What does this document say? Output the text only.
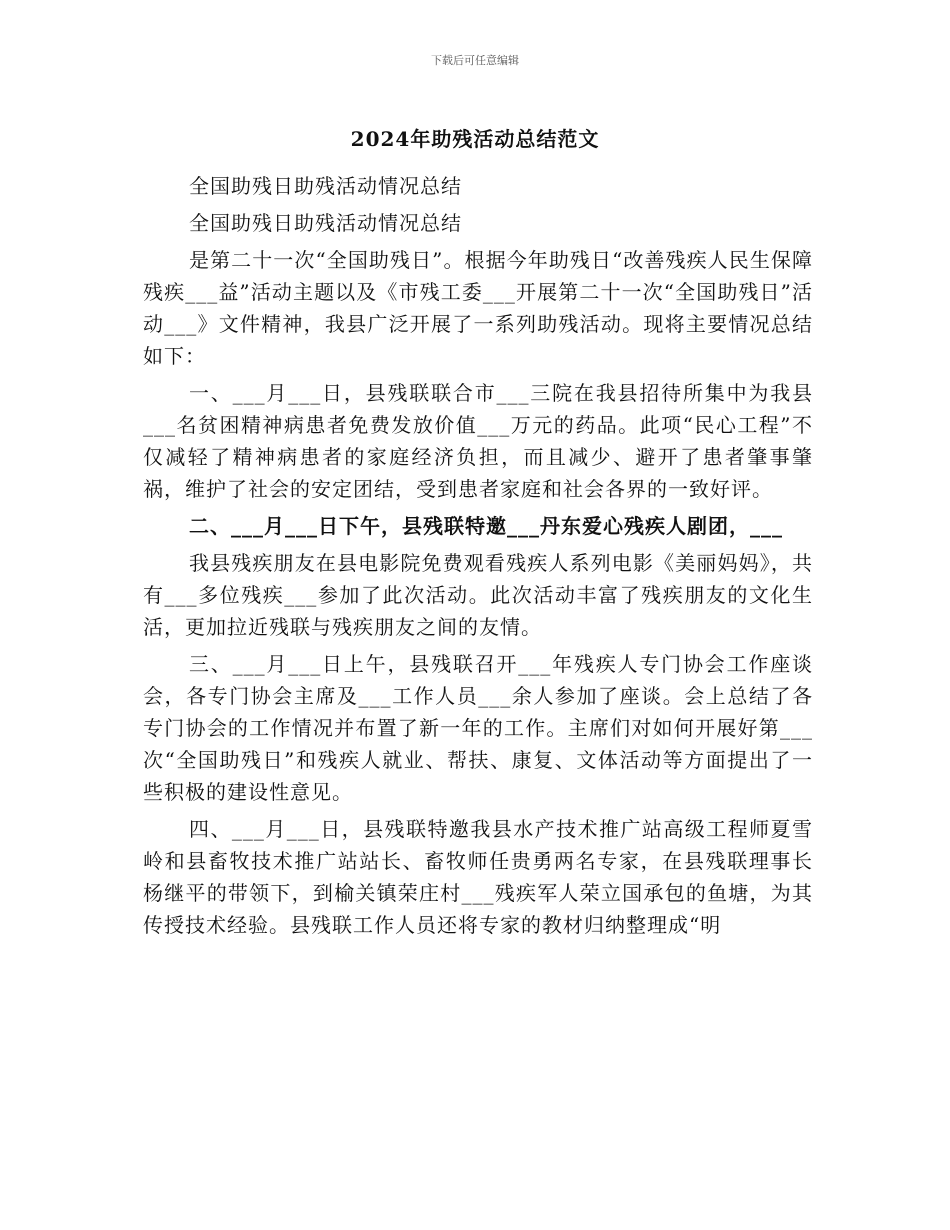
下载后可任意编辑
2024年助残活动总结范文

全国助残日助残活动情况总结

全国助残日助残活动情况总结

是第二十一次“全国助残日”。根据今年助残日“改善残疾人民生保障残疾___益”活动主题以及《市残工委___开展第二十一次“全国助残日”活动___》文件精神，我县广泛开展了一系列助残活动。现将主要情况总结如下：

一、___月___日，县残联联合市___三院在我县招待所集中为我县___名贫困精神病患者免费发放价值___万元的药品。此项“民心工程”不仅减轻了精神病患者的家庭经济负担，而且减少、避开了患者肇事肇祸，维护了社会的安定团结，受到患者家庭和社会各界的一致好评。

二、___月___日下午，县残联特邀___丹东爱心残疾人剧团，___

我县残疾朋友在县电影院免费观看残疾人系列电影《美丽妈妈》，共有___多位残疾___参加了此次活动。此次活动丰富了残疾朋友的文化生活，更加拉近残联与残疾朋友之间的友情。

三、___月___日上午，县残联召开___年残疾人专门协会工作座谈会，各专门协会主席及___工作人员___余人参加了座谈。会上总结了各专门协会的工作情况并布置了新一年的工作。主席们对如何开展好第___次“全国助残日”和残疾人就业、帮扶、康复、文体活动等方面提出了一些积极的建设性意见。

四、___月___日，县残联特邀我县水产技术推广站高级工程师夏雪岭和县畜牧技术推广站站长、畜牧师任贵勇两名专家，在县残联理事长杨继平的带领下，到榆关镇荣庄村___残疾军人荣立国承包的鱼塘，为其传授技术经验。县残联工作人员还将专家的教材归纳整理成“明
